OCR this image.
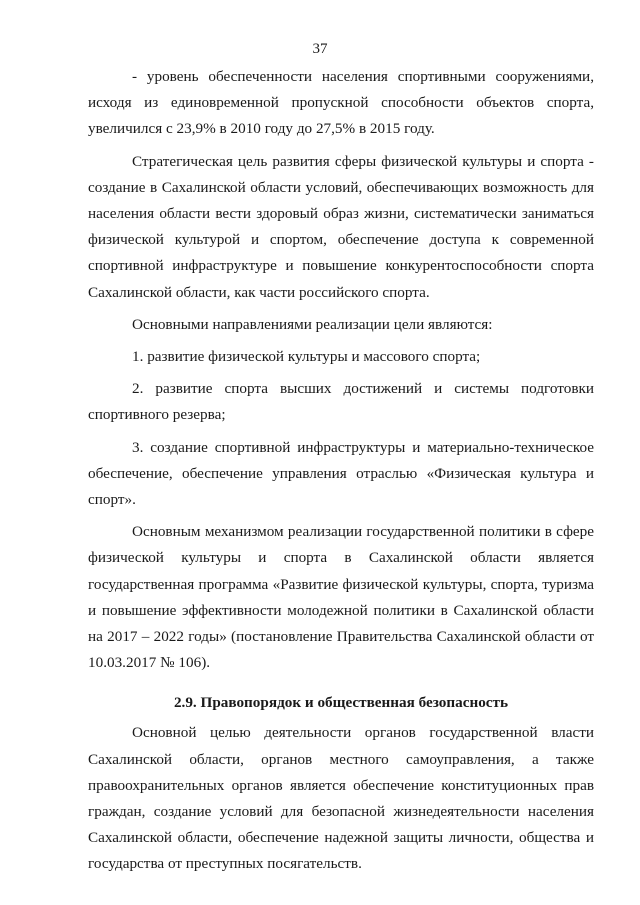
37

- уровень обеспеченности населения спортивными сооружениями, исходя из единовременной пропускной способности объектов спорта, увеличился с 23,9% в 2010 году до 27,5% в 2015 году.

Стратегическая цель развития сферы физической культуры и спорта - создание в Сахалинской области условий, обеспечивающих возможность для населения области вести здоровый образ жизни, систематически заниматься физической культурой и спортом, обеспечение доступа к современной спортивной инфраструктуре и повышение конкурентоспособности спорта Сахалинской области, как части российского спорта.

Основными направлениями реализации цели являются:

1. развитие физической культуры и массового спорта;

2. развитие спорта высших достижений и системы подготовки спортивного резерва;

3. создание спортивной инфраструктуры и материально-техническое обеспечение, обеспечение управления отраслью «Физическая культура и спорт».

Основным механизмом реализации государственной политики в сфере физической культуры и спорта в Сахалинской области является государственная программа «Развитие физической культуры, спорта, туризма и повышение эффективности молодежной политики в Сахалинской области на 2017 – 2022 годы» (постановление Правительства Сахалинской области от 10.03.2017 № 106).

2.9. Правопорядок и общественная безопасность

Основной целью деятельности органов государственной власти Сахалинской области, органов местного самоуправления, а также правоохранительных органов является обеспечение конституционных прав граждан, создание условий для безопасной жизнедеятельности населения Сахалинской области, обеспечение надежной защиты личности, общества и государства от преступных посягательств.
